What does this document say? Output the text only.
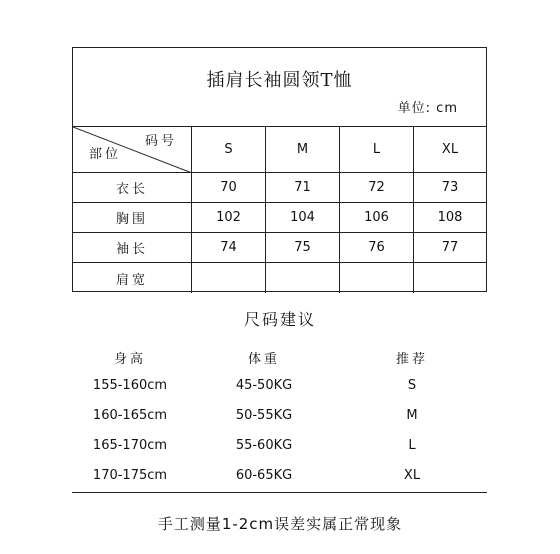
插肩长袖圆领T恤
单位: cm
码号
部位	S	M	L	XL
衣长	70	71	72	73
胸围	102	104	106	108
袖长	74	75	76	77
肩宽
尺码建议
身高	体重	推荐
155-160cm	45-50KG	S
160-165cm	50-55KG	M
165-170cm	55-60KG	L
170-175cm	60-65KG	XL
手工测量1-2cm误差实属正常现象
